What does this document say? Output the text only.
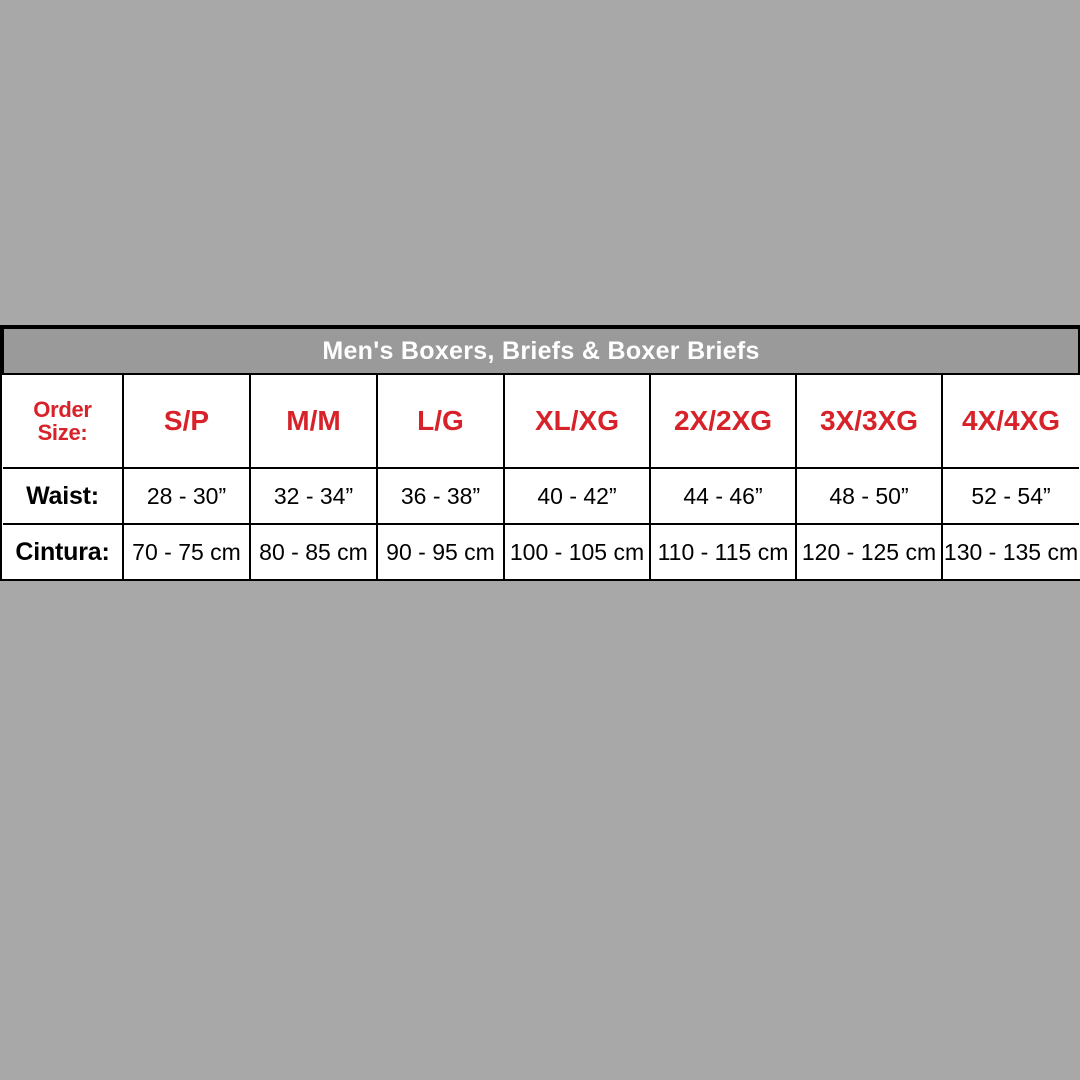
Men's Boxers, Briefs & Boxer Briefs							

Order
Size:	S/P	M/M	L/G	XL/XG	2X/2XG	3X/3XG	4X/4XG
Waist:	28 - 30”	32 - 34”	36 - 38”	40 - 42”	44 - 46”	48 - 50”	52 - 54”
Cintura:	70 - 75 cm	80 - 85 cm	90 - 95 cm	100 - 105 cm	110 - 115 cm	120 - 125 cm	130 - 135 cm
